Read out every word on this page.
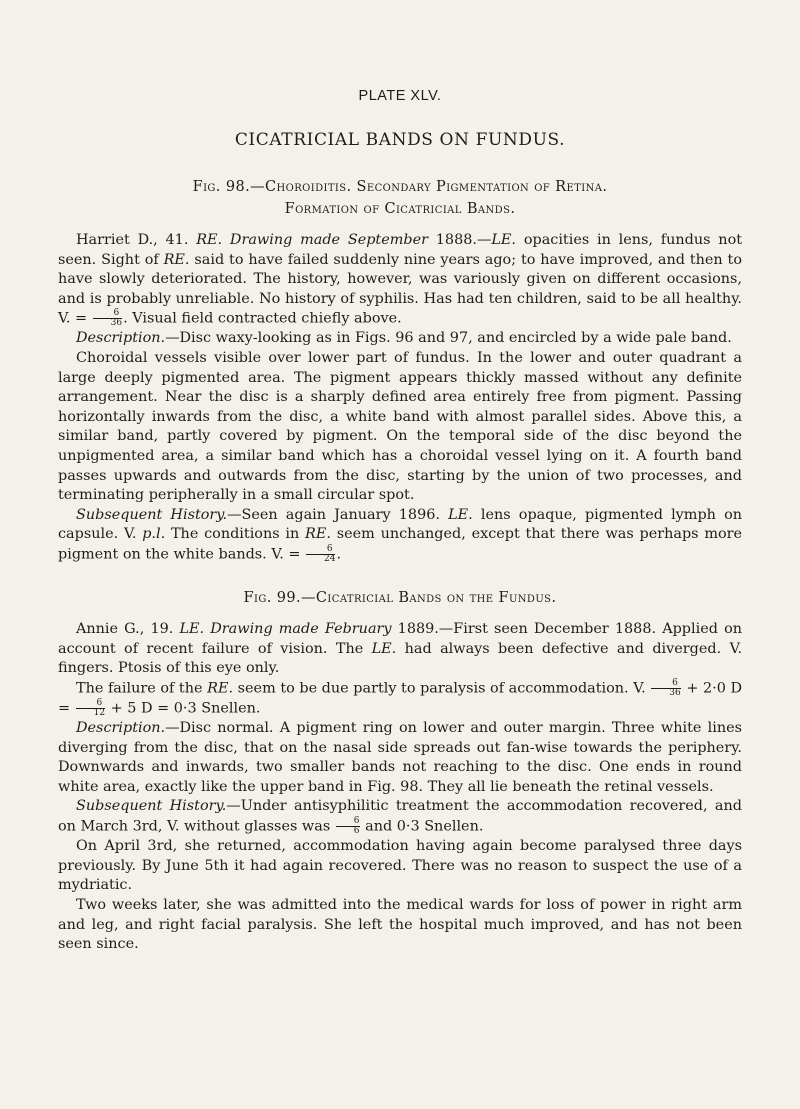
PLATE XLV.
CICATRICIAL BANDS ON FUNDUS.
Fig. 98.—Choroiditis. Secondary Pigmentation of Retina.
Formation of Cicatricial Bands.

Harriet D., 41. RE. Drawing made September 1888.—LE. opacities in lens, fundus not seen. Sight of RE. said to have failed suddenly nine years ago; to have improved, and then to have slowly deteriorated. The history, however, was variously given on different occasions, and is probably unreliable. No history of syphilis. Has had ten children, said to be all healthy. V. = $\frac{6}{36}$ . Visual field contracted chiefly above.

Description.—Disc waxy-looking as in Figs. 96 and 97, and encircled by a wide pale band.

Choroidal vessels visible over lower part of fundus. In the lower and outer quadrant a large deeply pigmented area. The pigment appears thickly massed without any definite arrangement. Near the disc is a sharply defined area entirely free from pigment. Passing horizontally inwards from the disc, a white band with almost parallel sides. Above this, a similar band, partly covered by pigment. On the temporal side of the disc beyond the unpigmented area, a similar band which has a choroidal vessel lying on it. A fourth band passes upwards and outwards from the disc, starting by the union of two processes, and terminating peripherally in a small circular spot.

Subsequent History.—Seen again January 1896. LE. lens opaque, pigmented lymph on capsule. V. p.l. The conditions in RE. seem unchanged, except that there was perhaps more pigment on the white bands. V. = $\frac{6}{24}$ .

Fig. 99.—Cicatricial Bands on the Fundus.

Annie G., 19. LE. Drawing made February 1889.—First seen December 1888. Applied on account of recent failure of vision. The LE. had always been defective and diverged. V. fingers. Ptosis of this eye only.

The failure of the RE. seem to be due partly to paralysis of accommodation. V. $\frac{6}{36} + 2\cdot 0$ $D = \frac{6}{12} + 5$ D = 0·3 Snellen.

Description.—Disc normal. A pigment ring on lower and outer margin. Three white lines diverging from the disc, that on the nasal side spreads out fan-wise towards the periphery. Downwards and inwards, two smaller bands not reaching to the disc. One ends in round white area, exactly like the upper band in Fig. 98. They all lie beneath the retinal vessels.

Subsequent History.—Under antisyphilitic treatment the accommodation recovered, and on March 3rd, V. without glasses was $\frac{6}{6}$ and 0·3 Snellen.

On April 3rd, she returned, accommodation having again become paralysed three days previously. By June 5th it had again recovered. There was no reason to suspect the use of a mydriatic.

Two weeks later, she was admitted into the medical wards for loss of power in right arm and leg, and right facial paralysis. She left the hospital much improved, and has not been seen since.
